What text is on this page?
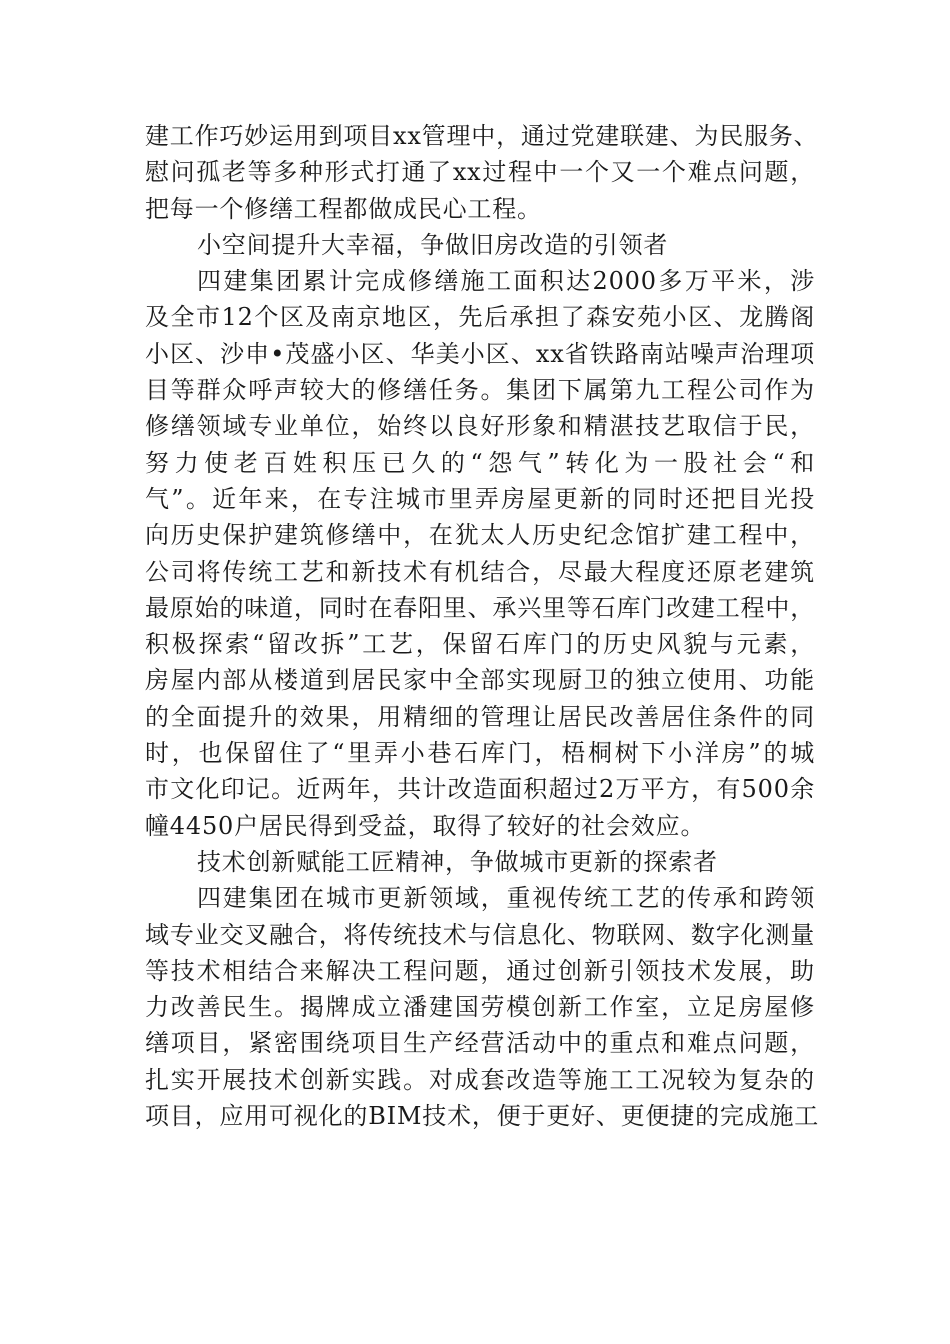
建工作巧妙运用到项目xx管理中，通过党建联建、为民服务、
慰问孤老等多种形式打通了xx过程中一个又一个难点问题，
把每一个修缮工程都做成民心工程。
小空间提升大幸福，争做旧房改造的引领者
四建集团累计完成修缮施工面积达2000多万平米，涉
及全市12个区及南京地区，先后承担了森安苑小区、龙腾阁
小区、沙申•茂盛小区、华美小区、xx省铁路南站噪声治理项
目等群众呼声较大的修缮任务。集团下属第九工程公司作为
修缮领域专业单位，始终以良好形象和精湛技艺取信于民，
努力使老百姓积压已久的“怨气”转化为一股社会“和
气”。近年来，在专注城市里弄房屋更新的同时还把目光投
向历史保护建筑修缮中，在犹太人历史纪念馆扩建工程中，
公司将传统工艺和新技术有机结合，尽最大程度还原老建筑
最原始的味道，同时在春阳里、承兴里等石库门改建工程中，
积极探索“留改拆”工艺，保留石库门的历史风貌与元素，
房屋内部从楼道到居民家中全部实现厨卫的独立使用、功能
的全面提升的效果，用精细的管理让居民改善居住条件的同
时，也保留住了“里弄小巷石库门，梧桐树下小洋房”的城
市文化印记。近两年，共计改造面积超过2万平方，有500余
幢4450户居民得到受益，取得了较好的社会效应。
技术创新赋能工匠精神，争做城市更新的探索者
四建集团在城市更新领域，重视传统工艺的传承和跨领
域专业交叉融合，将传统技术与信息化、物联网、数字化测量
等技术相结合来解决工程问题，通过创新引领技术发展，助
力改善民生。揭牌成立潘建国劳模创新工作室，立足房屋修
缮项目，紧密围绕项目生产经营活动中的重点和难点问题，
扎实开展技术创新实践。对成套改造等施工工况较为复杂的
项目，应用可视化的BIM技术，便于更好、更便捷的完成施工
